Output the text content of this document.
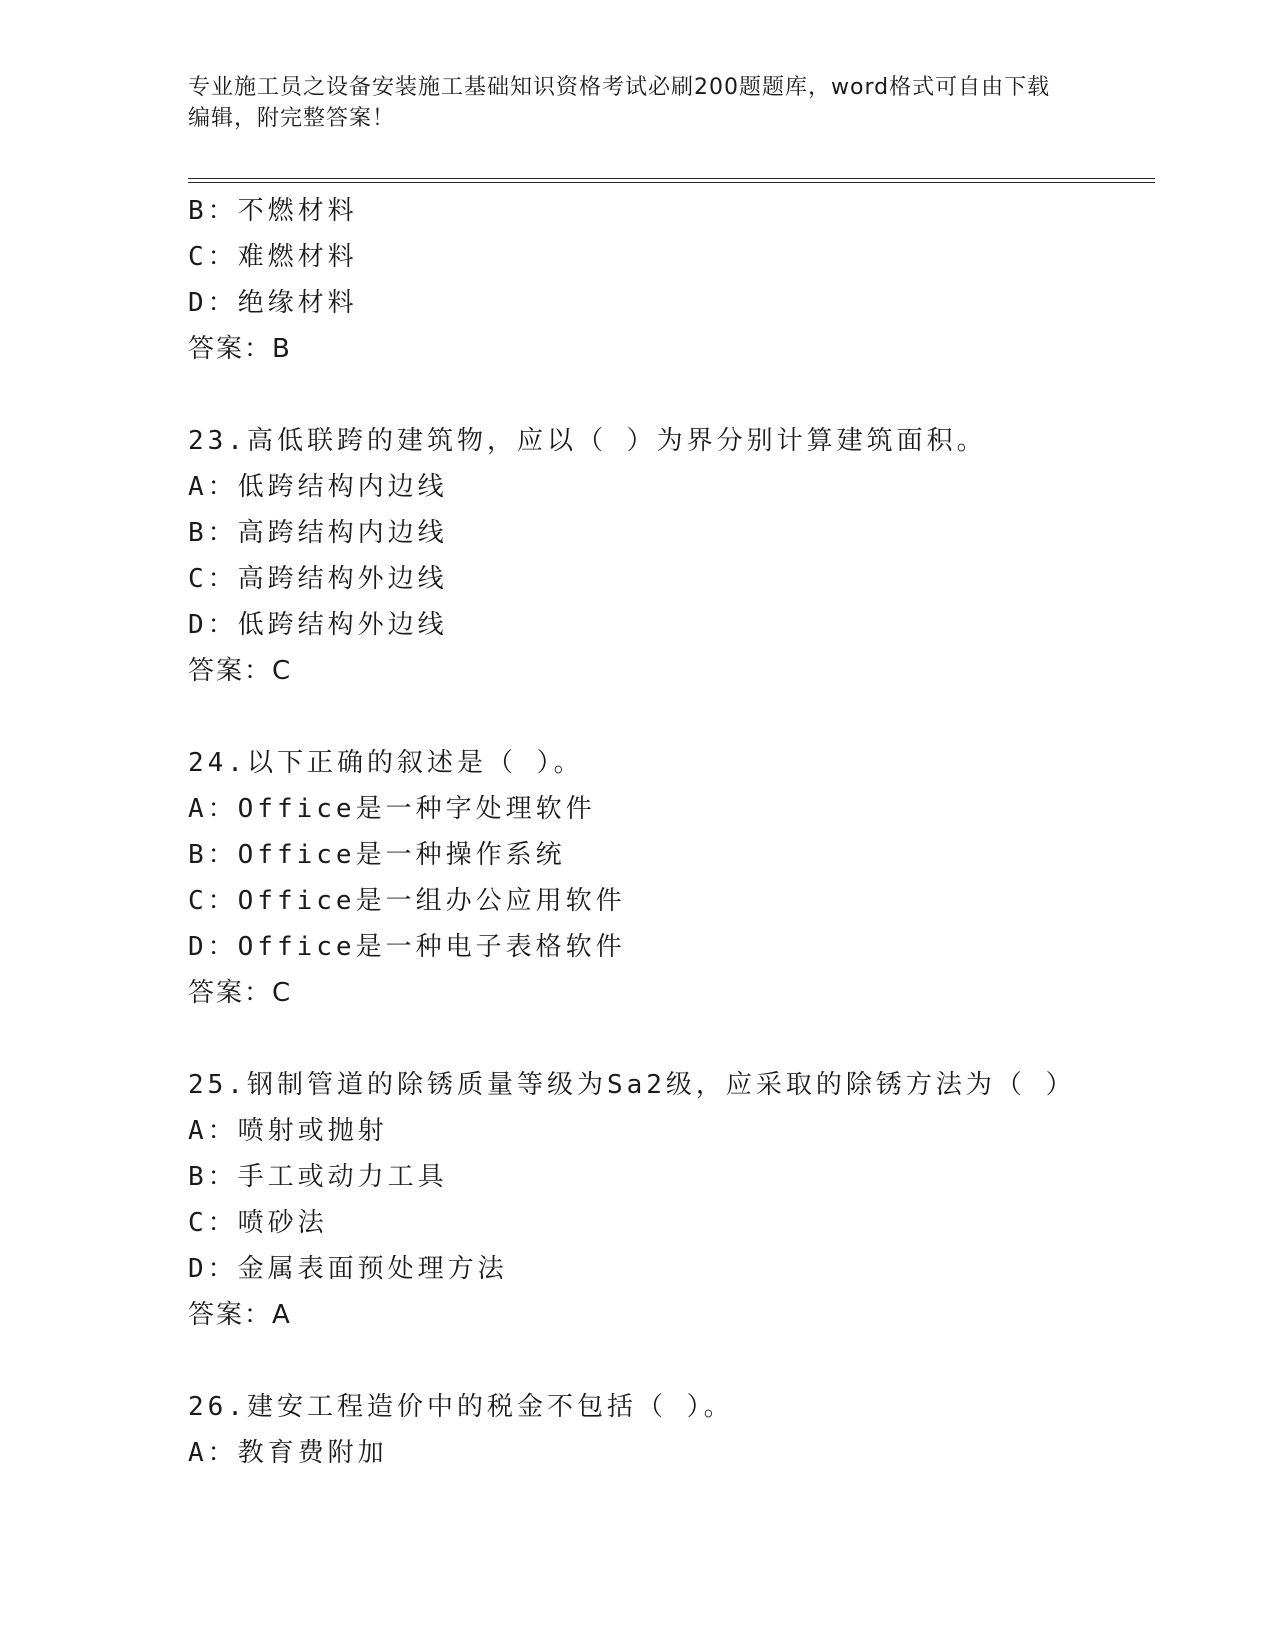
专业施工员之设备安装施工基础知识资格考试必刷200题题库，word格式可自由下载编辑，附完整答案！
B：不燃材料
C：难燃材料
D：绝缘材料
答案：B
23.高低联跨的建筑物，应以（ ）为界分别计算建筑面积。
A：低跨结构内边线
B：高跨结构内边线
C：高跨结构外边线
D：低跨结构外边线
答案：C
24.以下正确的叙述是（ ）。
A：Office是一种字处理软件
B：Office是一种操作系统
C：Office是一组办公应用软件
D：Office是一种电子表格软件
答案：C
25.钢制管道的除锈质量等级为Sa2级，应采取的除锈方法为（ ）
A：喷射或抛射
B：手工或动力工具
C：喷砂法
D：金属表面预处理方法
答案：A
26.建安工程造价中的税金不包括（ ）。
A：教育费附加
